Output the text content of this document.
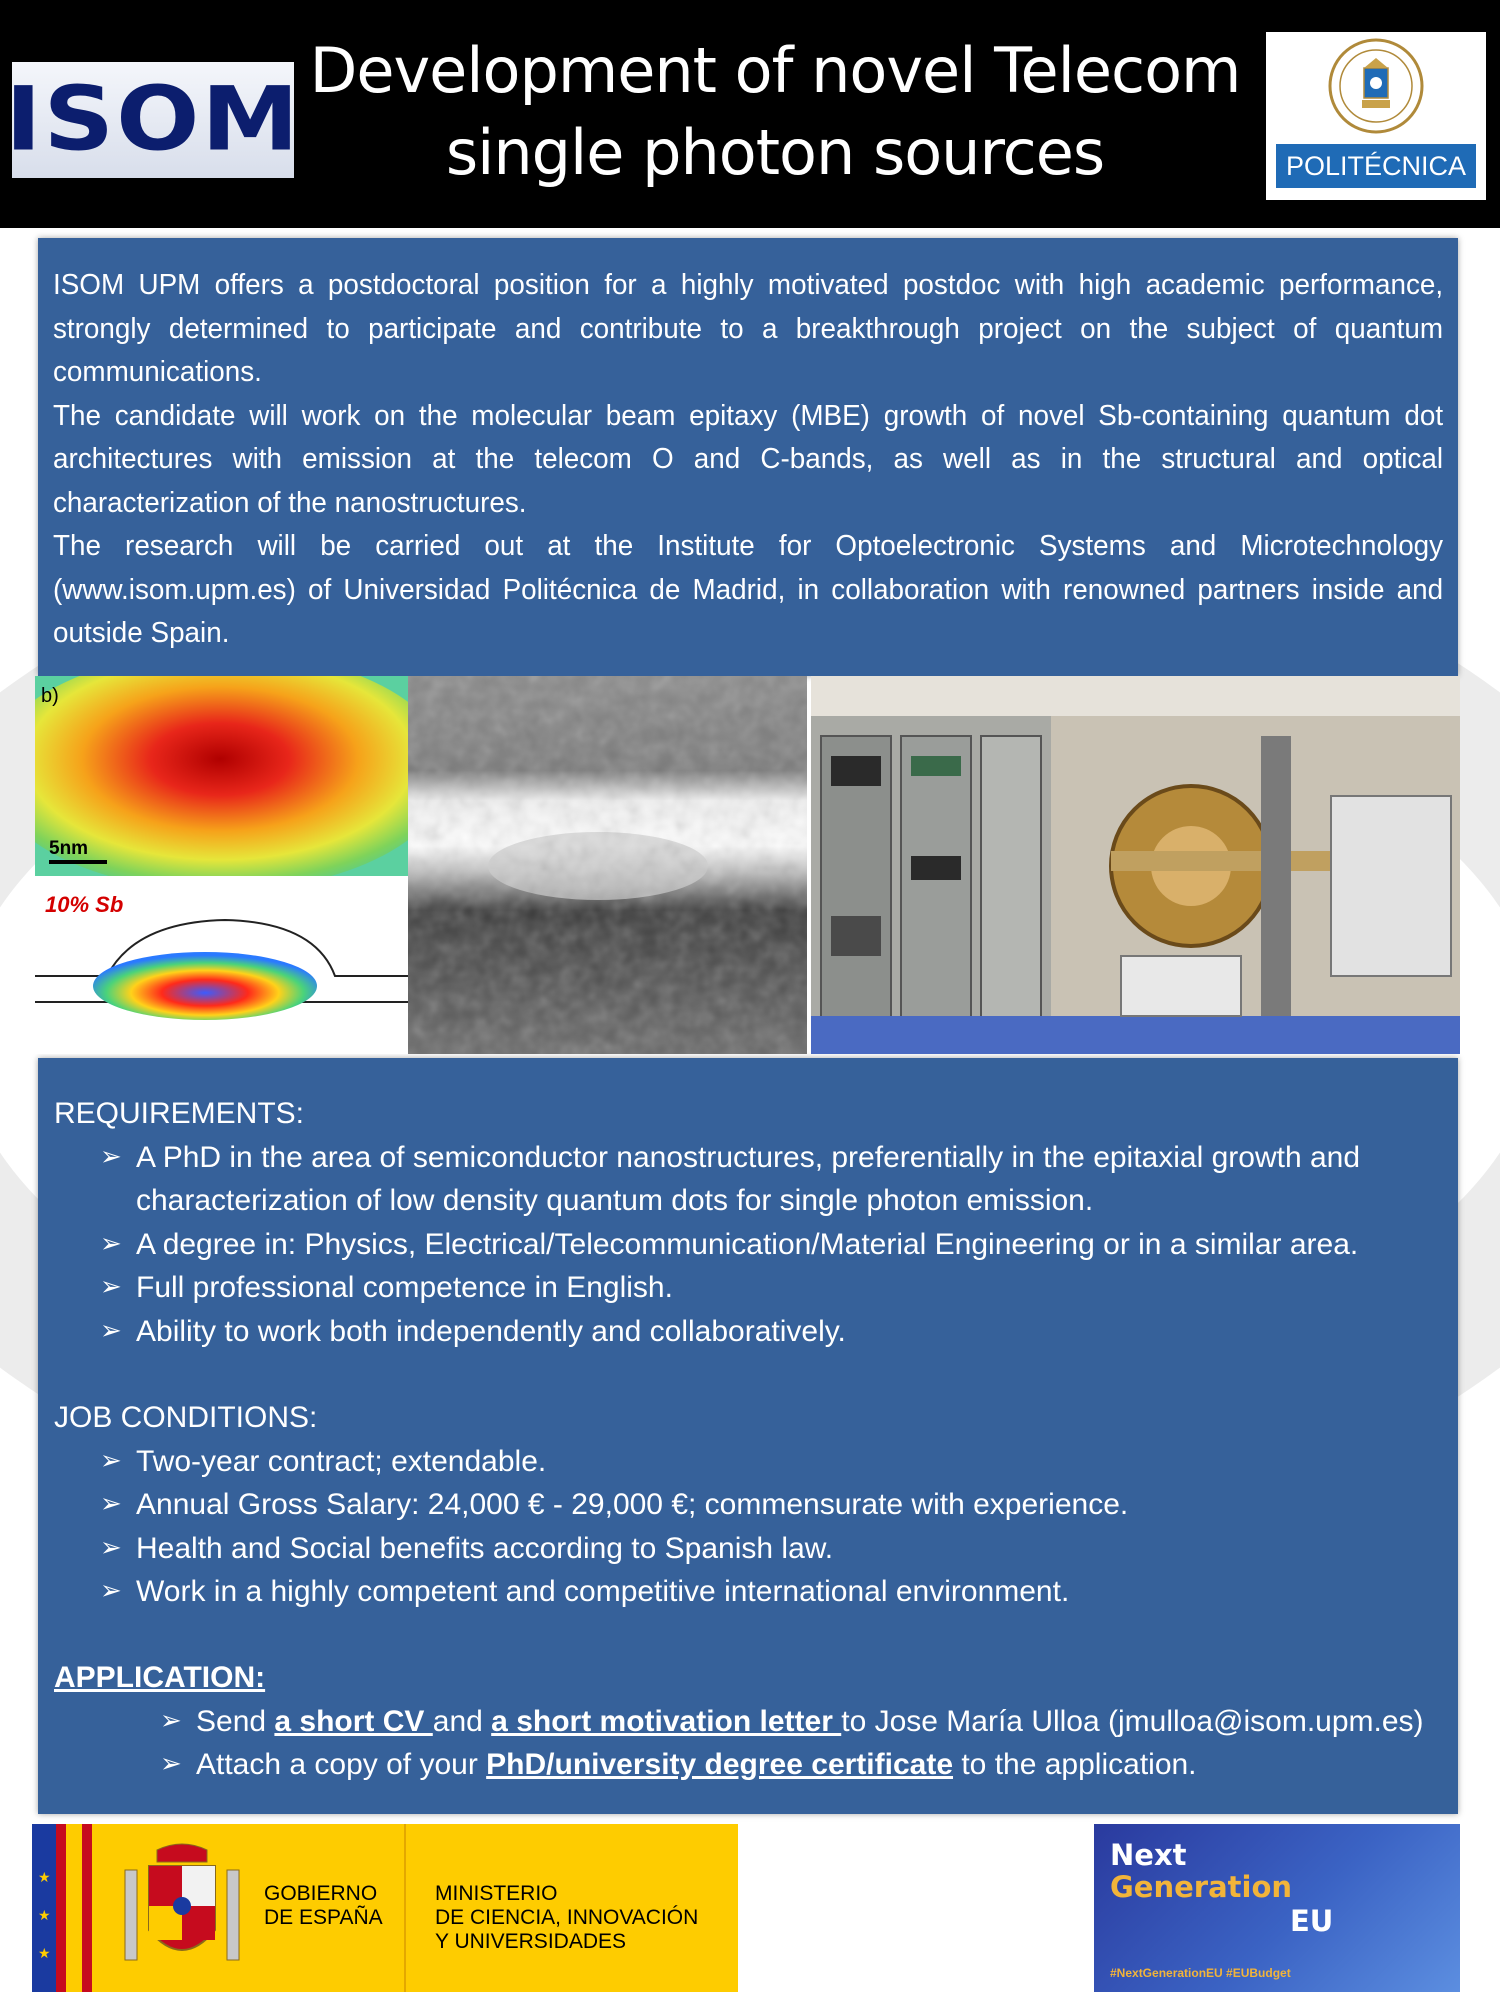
ISOM Development of novel Telecom
single photon sources	POLITÉCNICA

ISOM UPM offers a postdoctoral position for a highly motivated postdoc with high academic performance, strongly determined to participate and contribute to a breakthrough project on the subject of quantum communications.

The candidate will work on the molecular beam epitaxy (MBE) growth of novel Sb-containing quantum dot architectures with emission at the telecom O and C-bands, as well as in the structural and optical characterization of the nanostructures.

The research will be carried out at the Institute for Optoelectronic Systems and Microtechnology (www.isom.upm.es) of Universidad Politécnica de Madrid, in collaboration with renowned partners inside and outside Spain.

b)
5nm
10% Sb
REQUIREMENTS:
➢ A PhD in the area of semiconductor nanostructures, preferentially in the epitaxial growth and characterization of low density quantum dots for single photon emission.
➢ A degree in: Physics, Electrical/Telecommunication/Material Engineering or in a similar area.
➢ Full professional competence in English.
➢ Ability to work both independently and collaboratively.
JOB CONDITIONS:
➢ Two-year contract; extendable.
➢ Annual Gross Salary: 24,000 € - 29,000 €; commensurate with experience.
➢ Health and Social benefits according to Spanish law.
➢ Work in a highly competent and competitive international environment.
APPLICATION:
➢ Send a short CV and a short motivation letter to Jose María Ulloa (jmulloa@isom.upm.es)
➢ Attach a copy of your PhD/university degree certificate to the application.
★
★
★
GOBIERNO
DE ESPAÑA
MINISTERIO
DE CIENCIA, INNOVACIÓN
Y UNIVERSIDADES
Next
Generation
EU
#NextGenerationEU #EUBudget
